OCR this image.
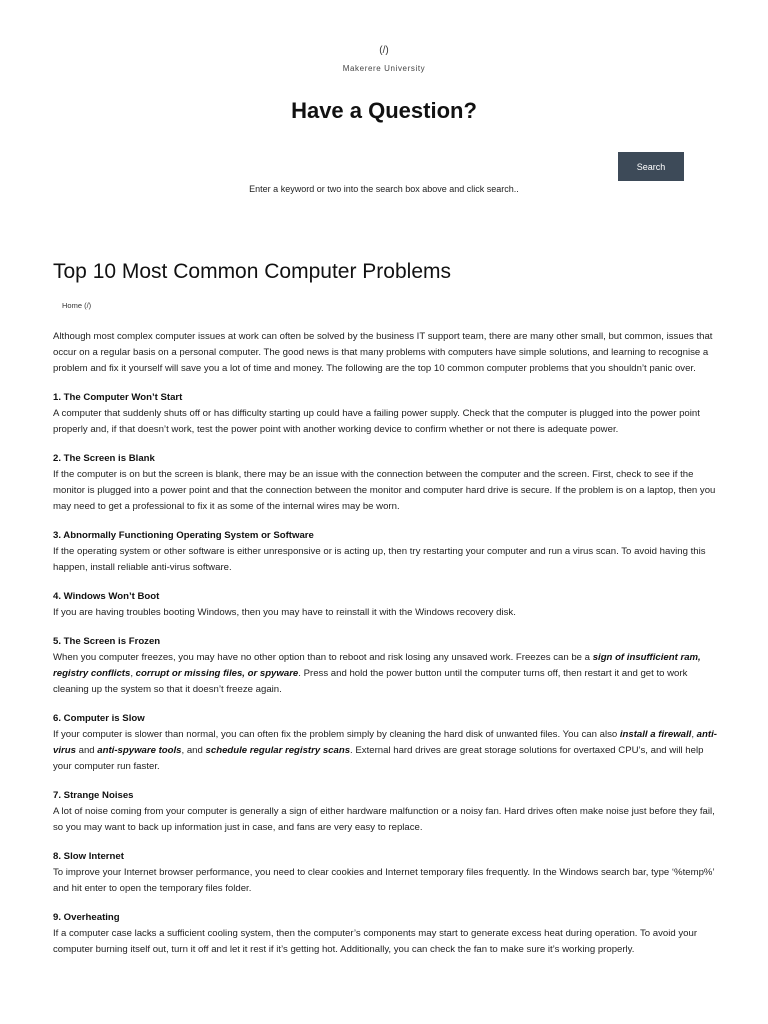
(/)
Makerere University
Have a Question?
Search
Enter a keyword or two into the search box above and click search..
Top 10 Most Common Computer Problems
Home (/)

Although most complex computer issues at work can often be solved by the business IT support team, there are many other small, but common, issues that occur on a regular basis on a personal computer. The good news is that many problems with computers have simple solutions, and learning to recognise a problem and fix it yourself will save you a lot of time and money. The following are the top 10 common computer problems that you shouldn’t panic over.

1. The Computer Won’t Start

A computer that suddenly shuts off or has difficulty starting up could have a failing power supply. Check that the computer is plugged into the power point properly and, if that doesn’t work, test the power point with another working device to confirm whether or not there is adequate power.

2. The Screen is Blank

If the computer is on but the screen is blank, there may be an issue with the connection between the computer and the screen. First, check to see if the monitor is plugged into a power point and that the connection between the monitor and computer hard drive is secure. If the problem is on a laptop, then you may need to get a professional to fix it as some of the internal wires may be worn.

3. Abnormally Functioning Operating System or Software

If the operating system or other software is either unresponsive or is acting up, then try restarting your computer and run a virus scan. To avoid having this happen, install reliable anti-virus software.

4. Windows Won’t Boot

If you are having troubles booting Windows, then you may have to reinstall it with the Windows recovery disk.

5. The Screen is Frozen

When you computer freezes, you may have no other option than to reboot and risk losing any unsaved work. Freezes can be a sign of insufficient ram, registry conflicts, corrupt or missing files, or spyware. Press and hold the power button until the computer turns off, then restart it and get to work cleaning up the system so that it doesn’t freeze again.

6. Computer is Slow

If your computer is slower than normal, you can often fix the problem simply by cleaning the hard disk of unwanted files. You can also install a firewall, anti-virus and anti-spyware tools, and schedule regular registry scans. External hard drives are great storage solutions for overtaxed CPU’s, and will help your computer run faster.

7. Strange Noises

A lot of noise coming from your computer is generally a sign of either hardware malfunction or a noisy fan. Hard drives often make noise just before they fail, so you may want to back up information just in case, and fans are very easy to replace.

8. Slow Internet

To improve your Internet browser performance, you need to clear cookies and Internet temporary files frequently. In the Windows search bar, type ‘%temp%’ and hit enter to open the temporary files folder.

9. Overheating

If a computer case lacks a sufficient cooling system, then the computer’s components may start to generate excess heat during operation. To avoid your computer burning itself out, turn it off and let it rest if it’s getting hot. Additionally, you can check the fan to make sure it’s working properly.
